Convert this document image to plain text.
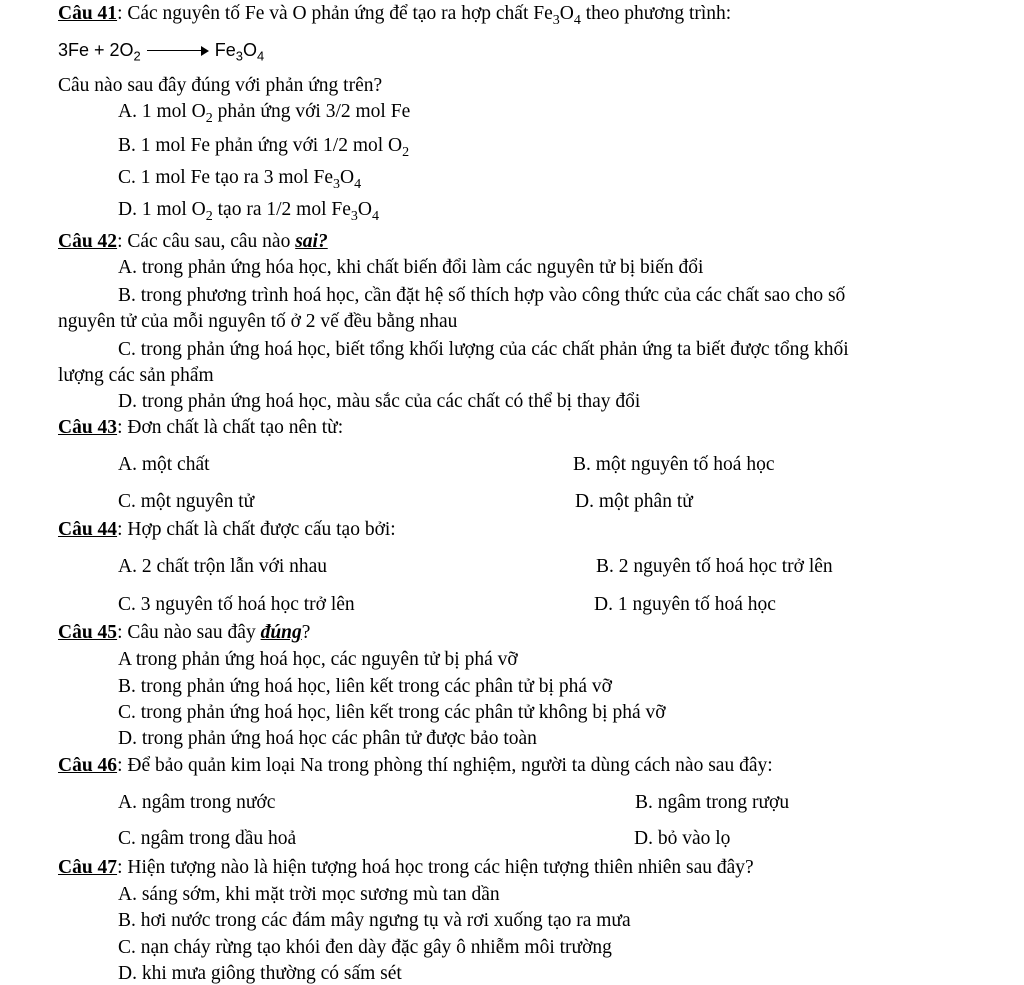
Câu 41: Các nguyên tố Fe và O phản ứng để tạo ra hợp chất $Fe_3O_4$ theo phương trình:
$3Fe + 2O_2$	$Fe_3O_4$
Câu nào sau đây đúng với phản ứng trên?
A. 1 mol $O_2$ phản ứng với 3/2 mol Fe
B. 1 mol Fe phản ứng với 1/2 mol $O_2$
C. 1 mol Fe tạo ra 3 mol $Fe_3O_4$
D. 1 mol $O_2$ tạo ra 1/2 mol $Fe_3O_4$
Câu 42: Các câu sau, câu nào sai?
A. trong phản ứng hóa học, khi chất biến đổi làm các nguyên tử bị biến đổi
B. trong phương trình hoá học, cần đặt hệ số thích hợp vào công thức của các chất sao cho số
nguyên tử của mỗi nguyên tố ở 2 vế đều bằng nhau
C. trong phản ứng hoá học, biết tổng khối lượng của các chất phản ứng ta biết được tổng khối
lượng các sản phẩm
D. trong phản ứng hoá học, màu sắc của các chất có thể bị thay đổi
Câu 43: Đơn chất là chất tạo nên từ:
A. một chất	B. một nguyên tố hoá học
C. một nguyên tử	D. một phân tử
Câu 44: Hợp chất là chất được cấu tạo bởi:
A. 2 chất trộn lẫn với nhau	B. 2 nguyên tố hoá học trở lên
C. 3 nguyên tố hoá học trở lên	D. 1 nguyên tố hoá học
Câu 45: Câu nào sau đây đúng?
A trong phản ứng hoá học, các nguyên tử bị phá vỡ
B. trong phản ứng hoá học, liên kết trong các phân tử bị phá vỡ
C. trong phản ứng hoá học, liên kết trong các phân tử không bị phá vỡ
D. trong phản ứng hoá học các phân tử được bảo toàn
Câu 46: Để bảo quản kim loại Na trong phòng thí nghiệm, người ta dùng cách nào sau đây:
A. ngâm trong nước	B. ngâm trong rượu
C. ngâm trong dầu hoả	D. bỏ vào lọ
Câu 47: Hiện tượng nào là hiện tượng hoá học trong các hiện tượng thiên nhiên sau đây?
A. sáng sớm, khi mặt trời mọc sương mù tan dần
B. hơi nước trong các đám mây ngưng tụ và rơi xuống tạo ra mưa
C. nạn cháy rừng tạo khói đen dày đặc gây ô nhiễm môi trường
D. khi mưa giông thường có sấm sét
